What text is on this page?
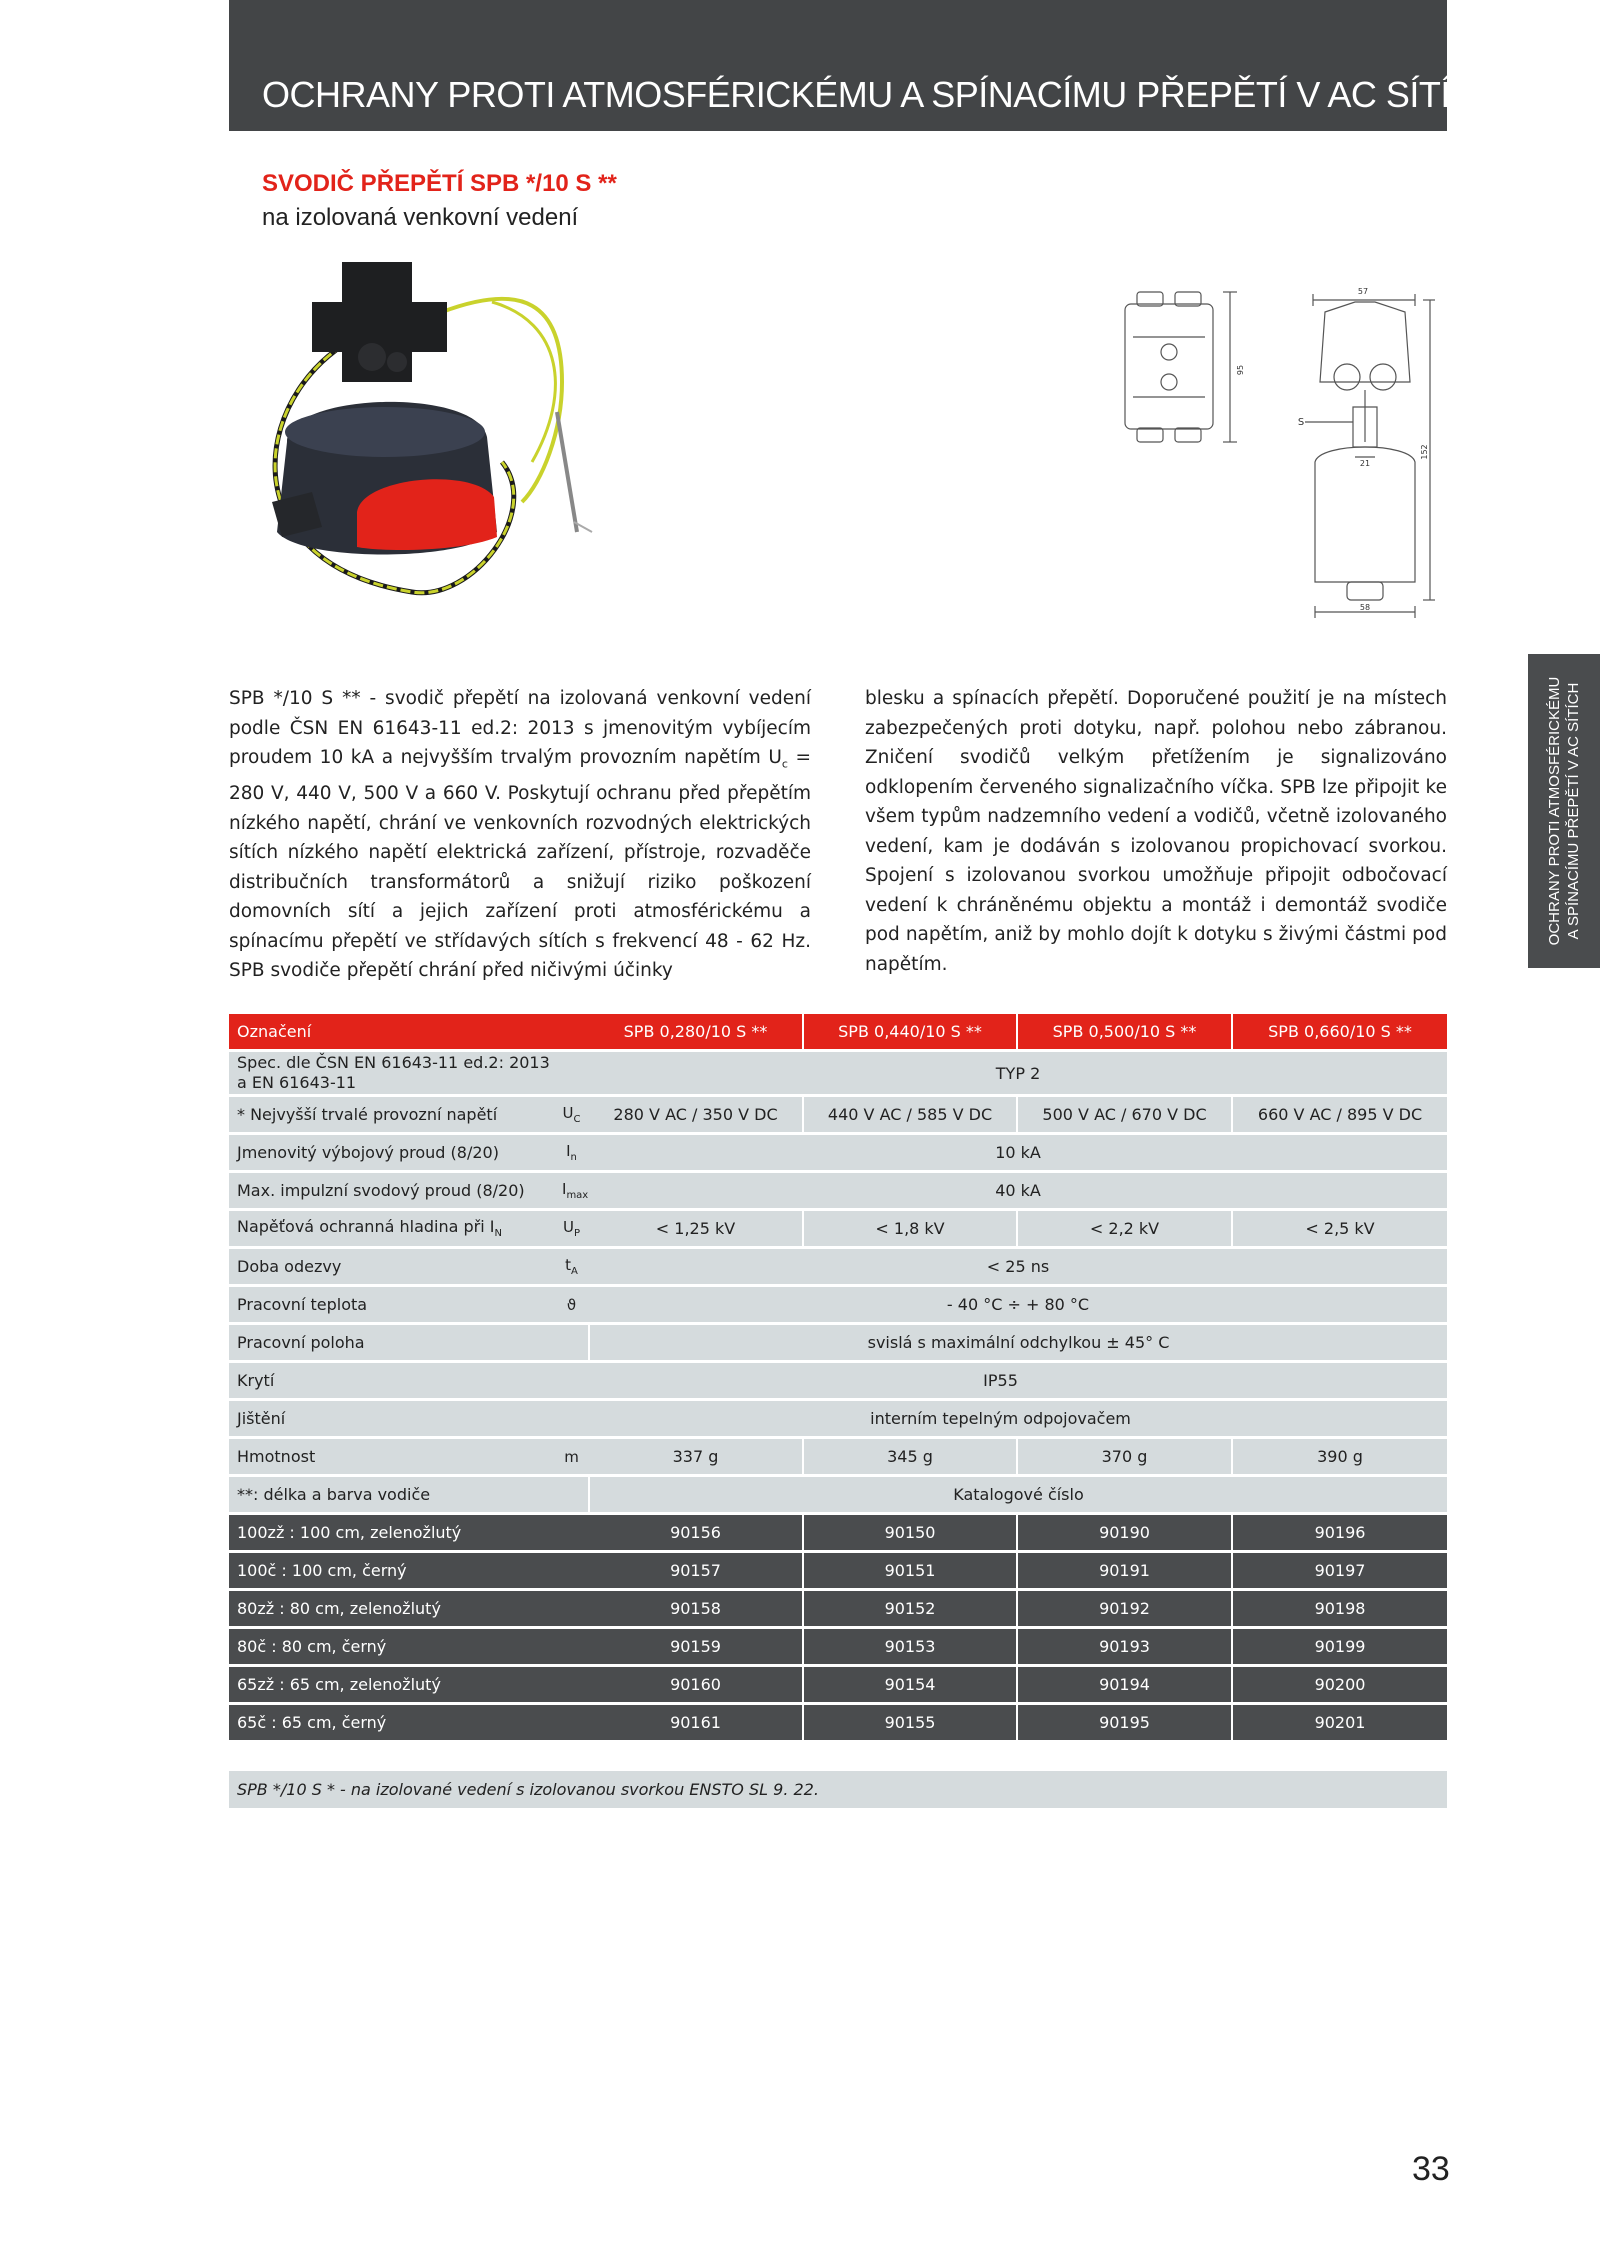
OCHRANY PROTI ATMOSFÉRICKÉMU A SPÍNACÍMU PŘEPĚTÍ V AC SÍTÍCH
SVODIČ PŘEPĚTÍ SPB */10 S **
na izolovaná venkovní vedení
57
95
152
21
58
S
OCHRANY PROTI ATMOSFÉRICKÉMU A SPÍNACÍMU PŘEPĚTÍ V AC SÍTÍCH
SPB */10 S ** - svodič přepětí na izolovaná venkovní vedení podle ČSN EN 61643-11 ed.2: 2013 s jmenovitým vybíjecím proudem 10 kA a nejvyšším trvalým provozním napětím $U_c = 280$ V, 440 V, 500 V a 660 V. Poskytují ochranu před přepětím nízkého napětí, chrání ve venkovních rozvodných elektrických sítích nízkého napětí elektrická zařízení, přístroje, rozvaděče distribučních transformátorů a snižují riziko poškození domovních sítí a jejich zařízení proti atmosférickému a spínacímu přepětí ve střídavých sítích s frekvencí 48 - 62 Hz. SPB svodiče přepětí chrání před ničivými účinky
blesku a spínacích přepětí. Doporučené použití je na místech zabezpečených proti dotyku, např. polohou nebo zábranou. Zničení svodičů velkým přetížením je signalizováno odklopením červeného signalizačního víčka. SPB lze připojit ke všem typům nadzemního vedení a vodičů, včetně izolovaného vedení, kam je dodáván s izolovanou propichovací svorkou. Spojení s izolovanou svorkou umožňuje připojit odbočovací vedení k chráněnému objektu a montáž i demontáž svodiče pod napětím, aniž by mohlo dojít k dotyku s živými částmi pod napětím.
Označení		SPB 0,280/10 S **	SPB 0,440/10 S **	SPB 0,500/10 S **	SPB 0,660/10 S **

Spec. dle ČSN EN 61643-11 ed.2: 2013
a EN 61643-11		TYP 2			
* Nejvyšší trvalé provozní napětí	$U_C$	280 V AC / 350 V DC	440 V AC / 585 V DC	500 V AC / 670 V DC	660 V AC / 895 V DC
Jmenovitý výbojový proud (8/20)	$I_n$	10 kA			
Max. impulzní svodový proud (8/20)	$I_{max}$	40 kA			
Napěťová ochranná hladina při $I_N$	$U_P$	< 1,25 kV	< 1,8 kV	< 2,2 kV	< 2,5 kV
Doba odezvy	$t_A$	< 25 ns			
Pracovní teplota	ϑ	- 40 °C ÷ + 80 °C			
Pracovní poloha		svislá s maximální odchylkou ± 45° C			
Krytí	IP55				
Jištění	interním tepelným odpojovačem				
Hmotnost	m	337 g	345 g	370 g	390 g
**: délka a barva vodiče		Katalogové číslo			
100zž : 100 cm, zelenožlutý		90156	90150	90190	90196
100č : 100 cm, černý		90157	90151	90191	90197
80zž : 80 cm, zelenožlutý		90158	90152	90192	90198
80č : 80 cm, černý		90159	90153	90193	90199
65zž : 65 cm, zelenožlutý		90160	90154	90194	90200
65č : 65 cm, černý		90161	90155	90195	90201
SPB */10 S * - na izolované vedení s izolovanou svorkou ENSTO SL 9. 22.
33
